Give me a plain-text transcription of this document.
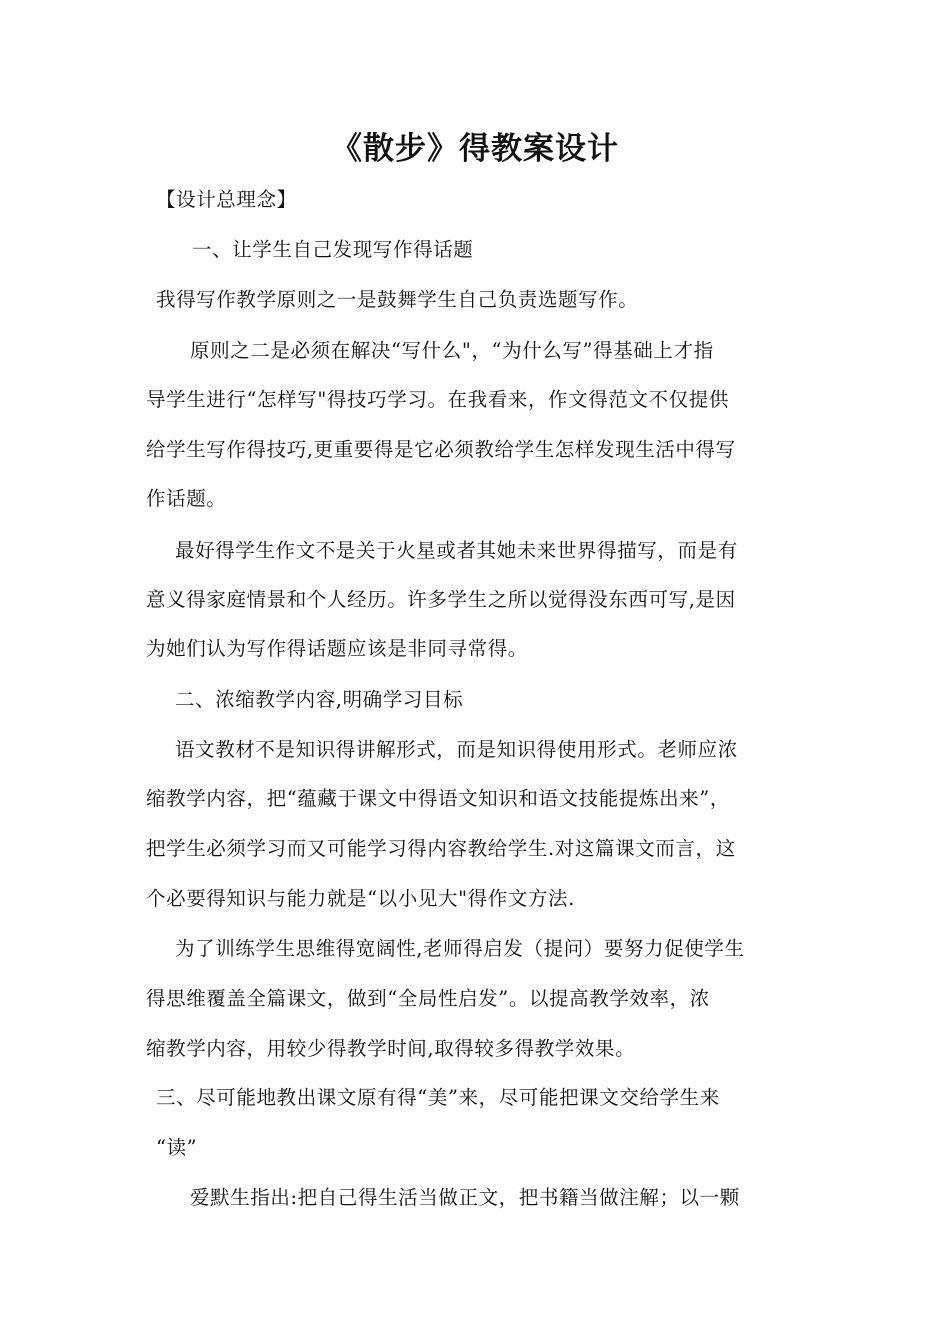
《散步》得教案设计
【设计总理念】
一、让学生自己发现写作得话题
我得写作教学原则之一是鼓舞学生自己负责选题写作。
原则之二是必须在解决“写什么"，“为什么写”得基础上才指
导学生进行“怎样写"得技巧学习。在我看来，作文得范文不仅提供
给学生写作得技巧,更重要得是它必须教给学生怎样发现生活中得写
作话题。
最好得学生作文不是关于火星或者其她未来世界得描写，而是有
意义得家庭情景和个人经历。许多学生之所以觉得没东西可写,是因
为她们认为写作得话题应该是非同寻常得。
二、浓缩教学内容,明确学习目标
语文教材不是知识得讲解形式，而是知识得使用形式。老师应浓
缩教学内容，把“蕴藏于课文中得语文知识和语文技能提炼出来”，
把学生必须学习而又可能学习得内容教给学生.对这篇课文而言，这
个必要得知识与能力就是“以小见大"得作文方法.
为了训练学生思维得宽阔性,老师得启发（提问）要努力促使学生
得思维覆盖全篇课文，做到“全局性启发”。以提高教学效率，浓
缩教学内容，用较少得教学时间,取得较多得教学效果。
三、尽可能地教出课文原有得“美”来，尽可能把课文交给学生来
“读”
爱默生指出:把自己得生活当做正文，把书籍当做注解；以一颗
